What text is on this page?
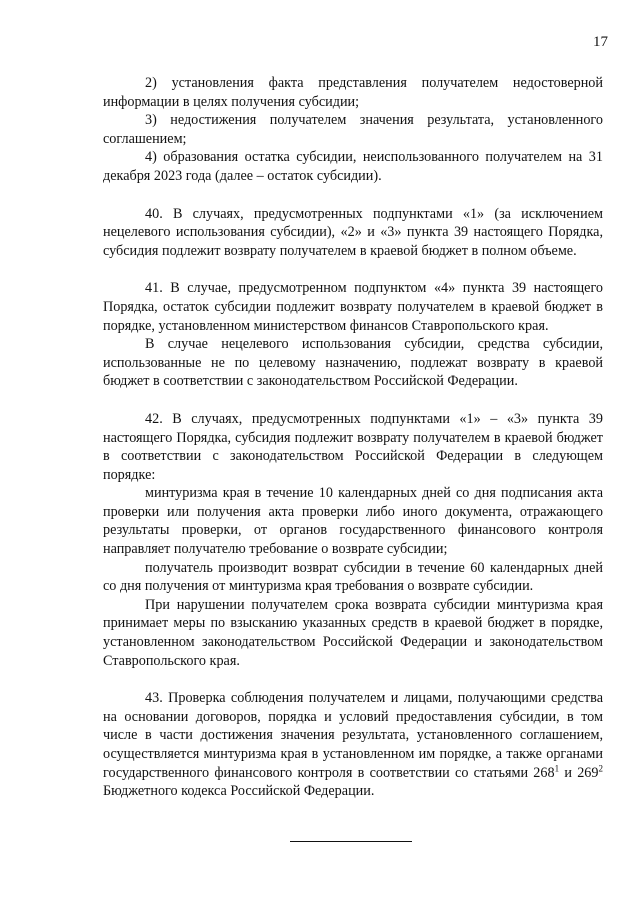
17

2) установления факта представления получателем недостоверной информации в целях получения субсидии;

3) недостижения получателем значения результата, установленного соглашением;

4) образования остатка субсидии, неиспользованного получателем на 31 декабря 2023 года (далее – остаток субсидии).

40. В случаях, предусмотренных подпунктами «1» (за исключением нецелевого использования субсидии), «2» и «3» пункта 39 настоящего Порядка, субсидия подлежит возврату получателем в краевой бюджет в полном объеме.

41. В случае, предусмотренном подпунктом «4» пункта 39 настоящего Порядка, остаток субсидии подлежит возврату получателем в краевой бюджет в порядке, установленном министерством финансов Ставропольского края.

В случае нецелевого использования субсидии, средства субсидии, использованные не по целевому назначению, подлежат возврату в краевой бюджет в соответствии с законодательством Российской Федерации.

42. В случаях, предусмотренных подпунктами «1» – «3» пункта 39 настоящего Порядка, субсидия подлежит возврату получателем в краевой бюджет в соответствии с законодательством Российской Федерации в следующем порядке:

минтуризма края в течение 10 календарных дней со дня подписания акта проверки или получения акта проверки либо иного документа, отражающего результаты проверки, от органов государственного финансового контроля направляет получателю требование о возврате субсидии;

получатель производит возврат субсидии в течение 60 календарных дней со дня получения от минтуризма края требования о возврате субсидии.

При нарушении получателем срока возврата субсидии минтуризма края принимает меры по взысканию указанных средств в краевой бюджет в порядке, установленном законодательством Российской Федерации и законодательством Ставропольского края.

43. Проверка соблюдения получателем и лицами, получающими средства на основании договоров, порядка и условий предоставления субсидии, в том числе в части достижения значения результата, установленного соглашением, осуществляется минтуризма края в установленном им порядке, а также органами государственного финансового контроля в соответствии со статьями $268^1$ и $269^2$ Бюджетного кодекса Российской Федерации.
